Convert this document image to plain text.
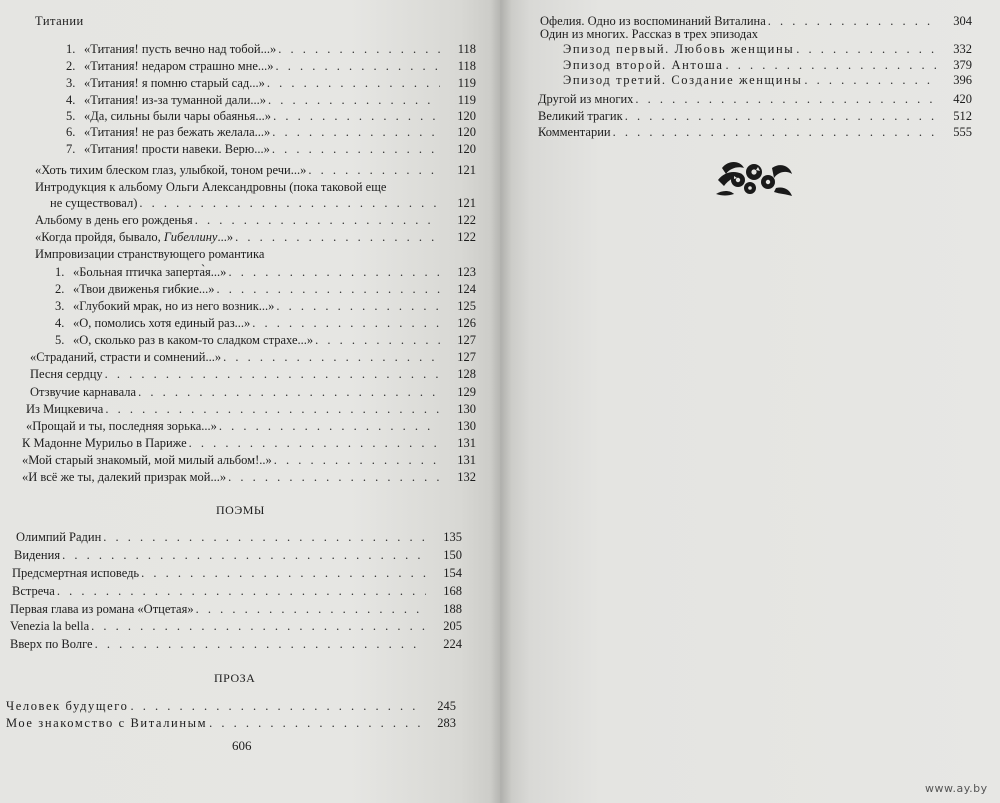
Титании
1. «Титания! пусть вечно над тобой...» . . .	118
2. «Титания! недаром страшно мне...» . . .	118
3. «Титания! я помню старый сад...» . . .	119
4. «Титания! из-за туманной дали...» . . .	119
5. «Да, сильны были чары обаянья...» . . .	120
6. «Титания! не раз бежать желала...» . . .	120
7. «Титания! прости навеки. Верю...» . . .	120
«Хоть тихим блеском глаз, улыбкой, тоном речи...» . . .	121
Интродукция к альбому Ольги Александровны (пока таковой еще
не существовал) . . .	121
Альбому в день его рожденья . . .	122
«Когда пройдя, бывало, Гибеллину...» . . .	122
Импровизации странствующего романтика
1. «Больная птичка заперта̀я...» . . .	123
2. «Твои движенья гибкие...» . . .	124
3. «Глубокий мрак, но из него возник...» . . .	125
4. «О, помолись хотя единый раз...» . . .	126
5. «О, сколько раз в каком-то сладком страхе...» . . .	127
«Страданий, страсти и сомнений...» . . .	127
Песня сердцу . . .	128
Отзвучие карнавала . . .	129
Из Мицкевича . . .	130
«Прощай и ты, последняя зорька...» . . .	130
К Мадонне Мурильо в Париже . . .	131
«Мой старый знакомый, мой милый альбом!..» . . .	131
«И всё же ты, далекий призрак мой...» . . .	132
ПОЭМЫ
Олимпий Радин . . .	135
Видения . . .	150
Предсмертная исповедь . . .	154
Встреча . . .	168
Первая глава из романа «Отцетая» . . .	188
Venezia la bella . . .	205
Вверх по Волге . . .	224
ПРОЗА
Человек будущего . . .	245
Мое знакомство с Виталиным . . .	283
606
Офелия. Одно из воспоминаний Виталина . . .	304
Один из многих. Рассказ в трех эпизодах
Эпизод первый. Любовь женщины . . .	332
Эпизод второй. Антоша . . .	379
Эпизод третий. Создание женщины . . .	396
Другой из многих . . .	420
Великий трагик . . .	512
Комментарии . . .	555
www.ay.by
